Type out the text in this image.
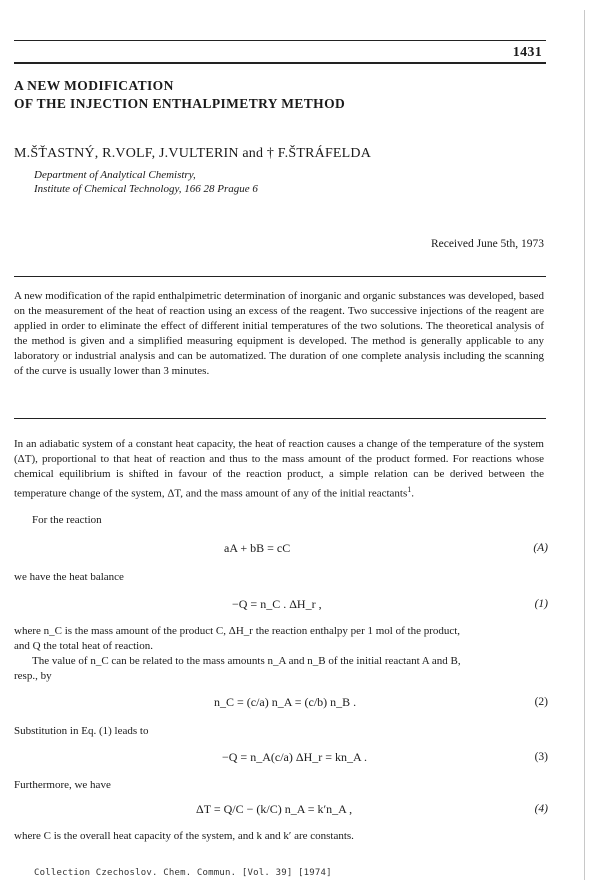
1431
A NEW MODIFICATION
OF THE INJECTION ENTHALPIMETRY METHOD
M.ŠŤASTNÝ, R.VOLF, J.VULTERIN and † F.ŠTRÁFELDA
Department of Analytical Chemistry,
Institute of Chemical Technology, 166 28 Prague 6
Received June 5th, 1973
A new modification of the rapid enthalpimetric determination of inorganic and organic substances was developed, based on the measurement of the heat of reaction using an excess of the reagent. Two successive injections of the reagent are applied in order to eliminate the effect of different initial temperatures of the two solutions. The theoretical analysis of the method is given and a simplified measuring equipment is developed. The method is generally applicable to any laboratory or industrial analysis and can be automatized. The duration of one complete analysis including the scanning of the curve is usually lower than 3 minutes.
In an adiabatic system of a constant heat capacity, the heat of reaction causes a change of the temperature of the system (ΔT), proportional to that heat of reaction and thus to the mass amount of the product formed. For reactions whose chemical equilibrium is shifted in favour of the reaction product, a simple relation can be derived between the temperature change of the system, ΔT, and the mass amount of any of the initial reactants$^1$.
For the reaction
aA + bB = cC	(A)
we have the heat balance
−Q = n_C . ΔH_r ,	(1)
where n_C is the mass amount of the product C, ΔH_r the reaction enthalpy per 1 mol of the product,
and Q the total heat of reaction.
The value of n_C can be related to the mass amounts n_A and n_B of the initial reactant A and B,
resp., by
n_C = (c/a) n_A = (c/b) n_B .	(2)
Substitution in Eq. (1) leads to
−Q = n_A(c/a) ΔH_r = kn_A .	(3)
Furthermore, we have
ΔT = Q/C − (k/C) n_A = k′n_A ,	(4)
where C is the overall heat capacity of the system, and k and k′ are constants.
Collection Czechoslov. Chem. Commun. [Vol. 39] [1974]
